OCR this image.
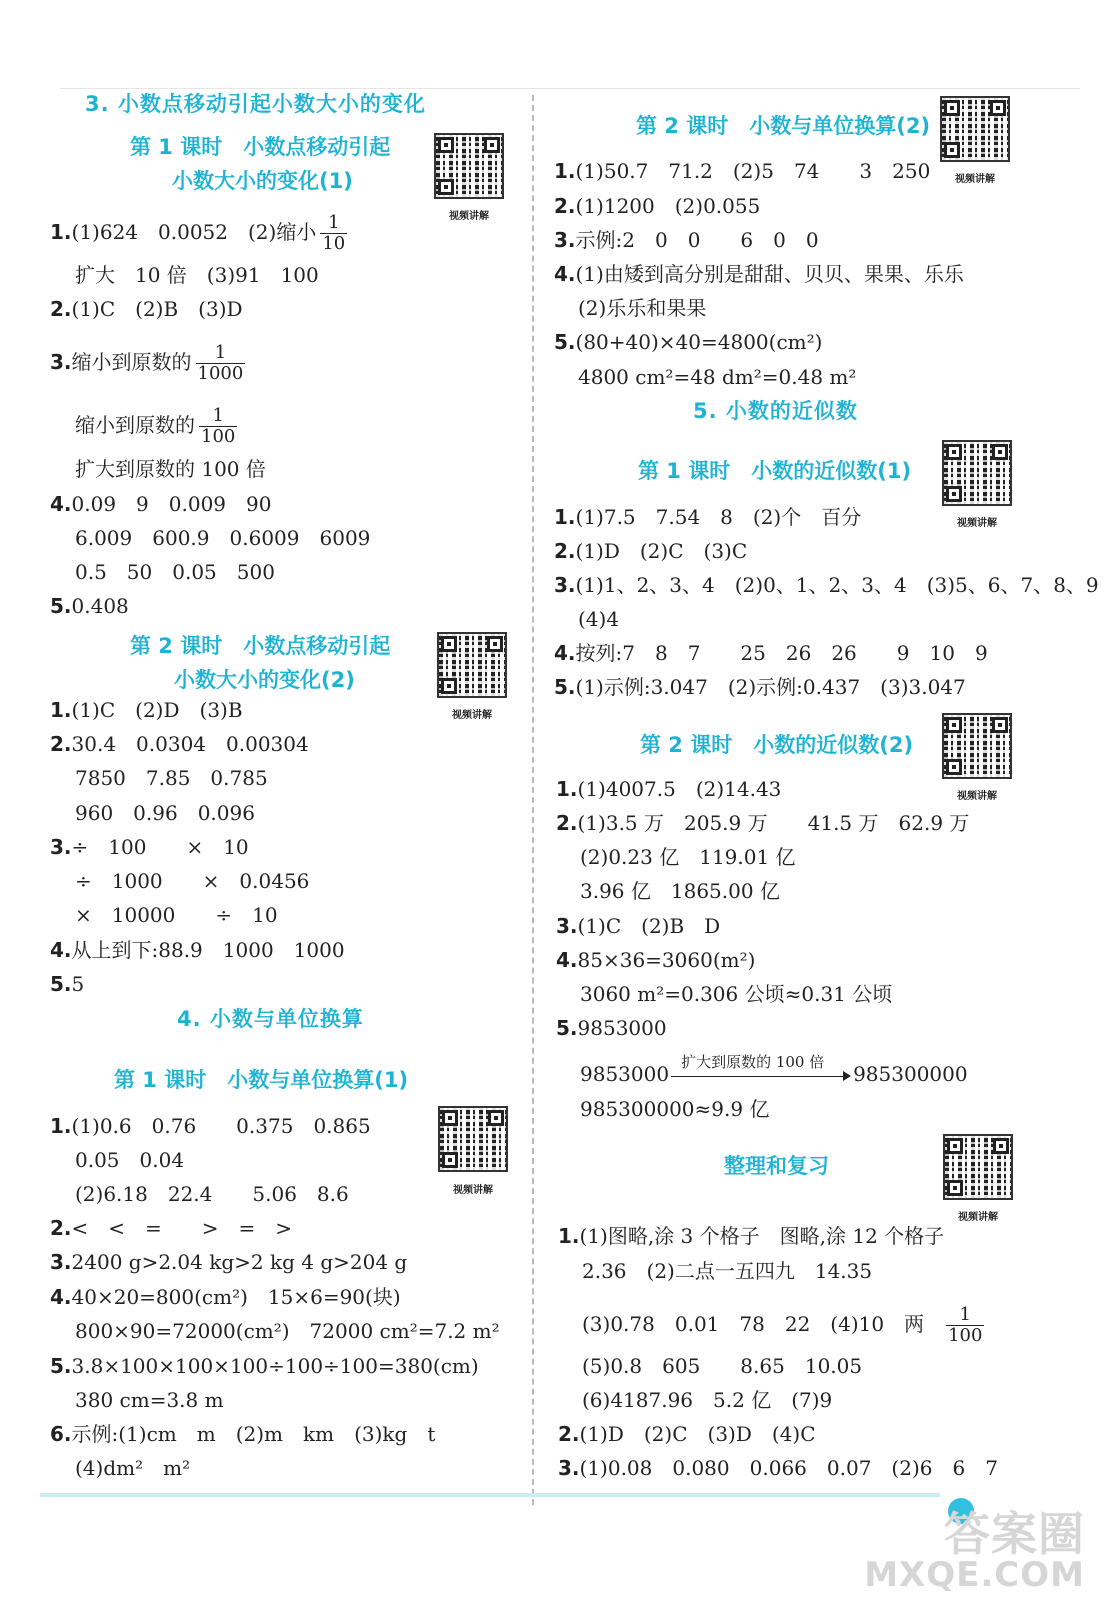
3. 小数点移动引起小数大小的变化
第 1 课时　小数点移动引起
小数大小的变化(1)
视频讲解
1.(1)624　0.0052　(2)缩小 $\frac{1}{10}$
扩大　10 倍　(3)91　100
2.(1)C　(2)B　(3)D
3.缩小到原数的 $\frac{1}{1000}$
缩小到原数的 $\frac{1}{100}$
扩大到原数的 100 倍
4.0.09　9　0.009　90
6.009　600.9　0.6009　6009
0.5　50　0.05　500
5.0.408
第 2 课时　小数点移动引起
小数大小的变化(2)
视频讲解
1.(1)C　(2)D　(3)B
2.30.4　0.0304　0.00304
7850　7.85　0.785
960　0.96　0.096
3.÷　100　　×　10
÷　1000　　×　0.0456
×　10000　　÷　10
4.从上到下:88.9　1000　1000
5.5
4. 小数与单位换算
第 1 课时　小数与单位换算(1)
视频讲解
1.(1)0.6　0.76　　0.375　0.865
0.05　0.04
(2)6.18　22.4　　5.06　8.6
2.<　<　=　　>　=　>
3.2400 g>2.04 kg>2 kg 4 g>204 g
4.40×20=800(cm²)　15×6=90(块)
800×90=72000(cm²)　72000 cm²=7.2 m²
5.3.8×100×100×100÷100÷100=380(cm)
380 cm=3.8 m
6.示例:(1)cm　m　(2)m　km　(3)kg　t
(4)dm²　m²
第 2 课时　小数与单位换算(2)
视频讲解
1.(1)50.7　71.2　(2)5　74　　3　250
2.(1)1200　(2)0.055
3.示例:2　0　0　　6　0　0
4.(1)由矮到高分别是甜甜、贝贝、果果、乐乐
(2)乐乐和果果
5.(80+40)×40=4800(cm²)
4800 cm²=48 dm²=0.48 m²
5. 小数的近似数
第 1 课时　小数的近似数(1)
视频讲解
1.(1)7.5　7.54　8　(2)个　百分
2.(1)D　(2)C　(3)C
3.(1)1、2、3、4　(2)0、1、2、3、4　(3)5、6、7、8、9
(4)4
4.按列:7　8　7　　25　26　26　　9　10　9
5.(1)示例:3.047　(2)示例:0.437　(3)3.047
第 2 课时　小数的近似数(2)
视频讲解
1.(1)4007.5　(2)14.43
2.(1)3.5 万　205.9 万　　41.5 万　62.9 万
(2)0.23 亿　119.01 亿
3.96 亿　1865.00 亿
3.(1)C　(2)B　D
4.85×36=3060(m²)
3060 m²=0.306 公顷≈0.31 公顷
5.9853000
9853000
扩大到原数的 100 倍
985300000
985300000≈9.9 亿
整理和复习
视频讲解
1.(1)图略,涂 3 个格子　图略,涂 12 个格子
2.36　(2)二点一五四九　14.35
(3)0.78　0.01　78　22　(4)10　两 $\frac{1}{100}$
(5)0.8　605　　8.65　10.05
(6)4187.96　5.2 亿　(7)9
2.(1)D　(2)C　(3)D　(4)C
3.(1)0.08　0.080　0.066　0.07　(2)6　6　7
答案圈
MXQE.COM
